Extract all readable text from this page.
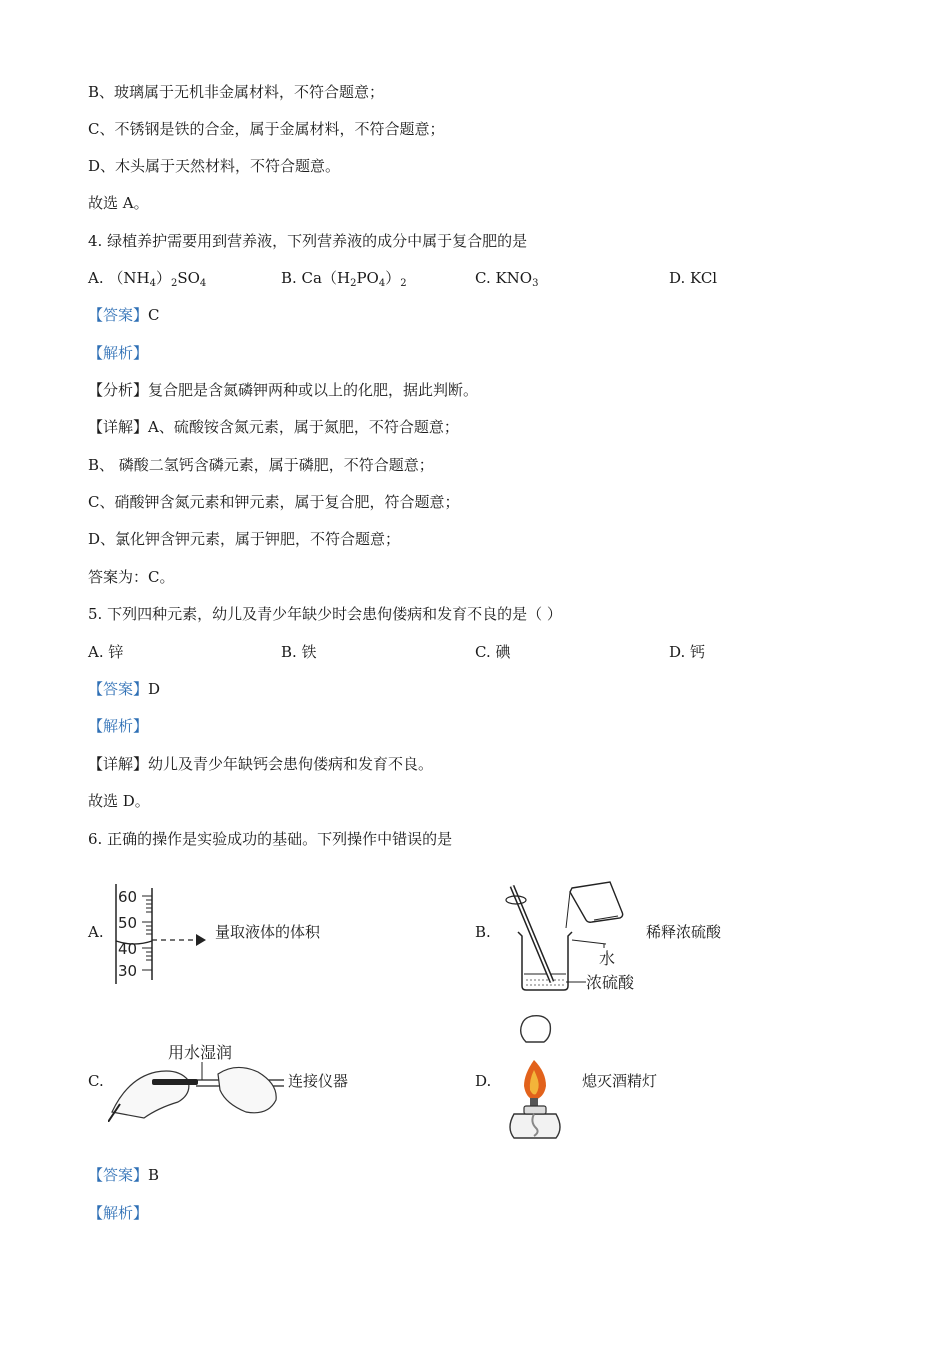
B、玻璃属于无机非金属材料，不符合题意；
C、不锈钢是铁的合金，属于金属材料，不符合题意；
D、木头属于天然材料，不符合题意。
故选 A。
4. 绿植养护需要用到营养液，下列营养液的成分中属于复合肥的是
A. $(NH_4)_2SO_4$	B. $Ca(H_2PO_4)_2$	C. $KNO_3$	D. KCl
【答案】C
【解析】
【分析】复合肥是含氮磷钾两种或以上的化肥，据此判断。
【详解】A、硫酸铵含氮元素，属于氮肥，不符合题意；
B、 磷酸二氢钙含磷元素，属于磷肥，不符合题意；
C、硝酸钾含氮元素和钾元素，属于复合肥，符合题意；
D、氯化钾含钾元素，属于钾肥，不符合题意；
答案为：C。
5. 下列四种元素，幼儿及青少年缺少时会患佝偻病和发育不良的是（ ）
A. 锌	B. 铁	C. 碘	D. 钙
【答案】D
【解析】
【详解】幼儿及青少年缺钙会患佝偻病和发育不良。
故选 D。
6. 正确的操作是实验成功的基础。下列操作中错误的是
A.
60
50
40
30
量取液体的体积	B.
水
浓硫酸
稀释浓硫酸
C.
用水湿润
连接仪器	D.	熄灭酒精灯
【答案】B
【解析】
